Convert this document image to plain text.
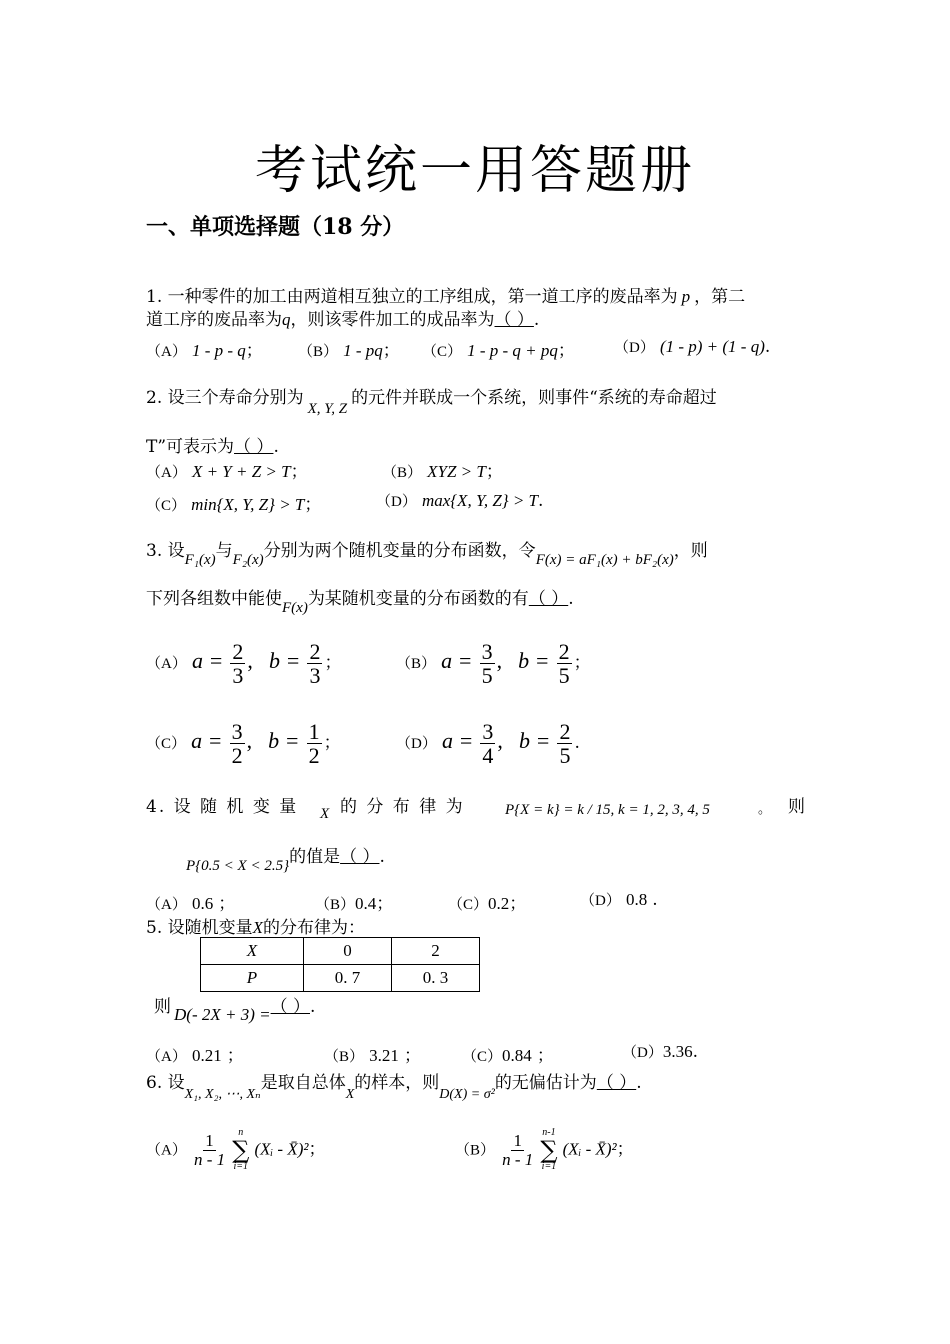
考试统一用答题册
一、单项选择题（18 分）
1. 一种零件的加工由两道相互独立的工序组成，第一道工序的废品率为 p ，第二
道工序的废品率为q，则该零件加工的成品率为（ ）.
（A） 1 - p - q； （B） 1 - pq； （C） 1 - p - q + pq；	（D） (1 - p) + (1 - q).
2. 设三个寿命分别为X, Y, Z的元件并联成一个系统，则事件“系统的寿命超过
T”可表示为（ ）.
（A） X + Y + Z > T；	（B） XYZ > T；
（C） min{X, Y, Z} > T；	（D） max{X, Y, Z} > T.
3. 设F₁(x)与F₂(x)分别为两个随机变量的分布函数，令F(x) = aF₁(x) + bF₂(x)，则
下列各组数中能使F(x)为某随机变量的分布函数的有（ ）.
（A） $a = \frac{2}{3}$ ,   $b = \frac{2}{3}$ ；	（B） $a = \frac{3}{5}$ ,   $b = \frac{2}{5}$ ；
（C） $a = \frac{3}{2}$ ,   $b = \frac{1}{2}$ ；	（D） $a = \frac{3}{4}$ ,   $b = \frac{2}{5}$ .
4. 设 随 机 变 量 X 的 分 布 律 为	P{X = k} = k / 15, k = 1, 2, 3, 4, 5	。 则
P{0.5 < X < 2.5}的值是（ ）.
（A） 0.6 ；	（B）0.4；	（C）0.2；	（D） 0.8 .
5. 设随机变量X的分布律为：
X	0	2
P	0. 7	0. 3
则 D(- 2X + 3) =（ ）.
（A） 0.21 ；	（B） 3.21 ；	（C）0.84 ；	（D）3.36.
6. 设$_{X_1, X_2, \cdots, X_n}$是取自总体$_X$的样本，则$_{D(X) = \sigma^2}$的无偏估计为（ ）.
$(A) \frac{1}{n - 1}$
n
∑
i=1
(Xᵢ - X̄)²；	$(B) \frac{1}{n - 1}$
n-1
∑
i=1
(Xᵢ - X̄)²；
